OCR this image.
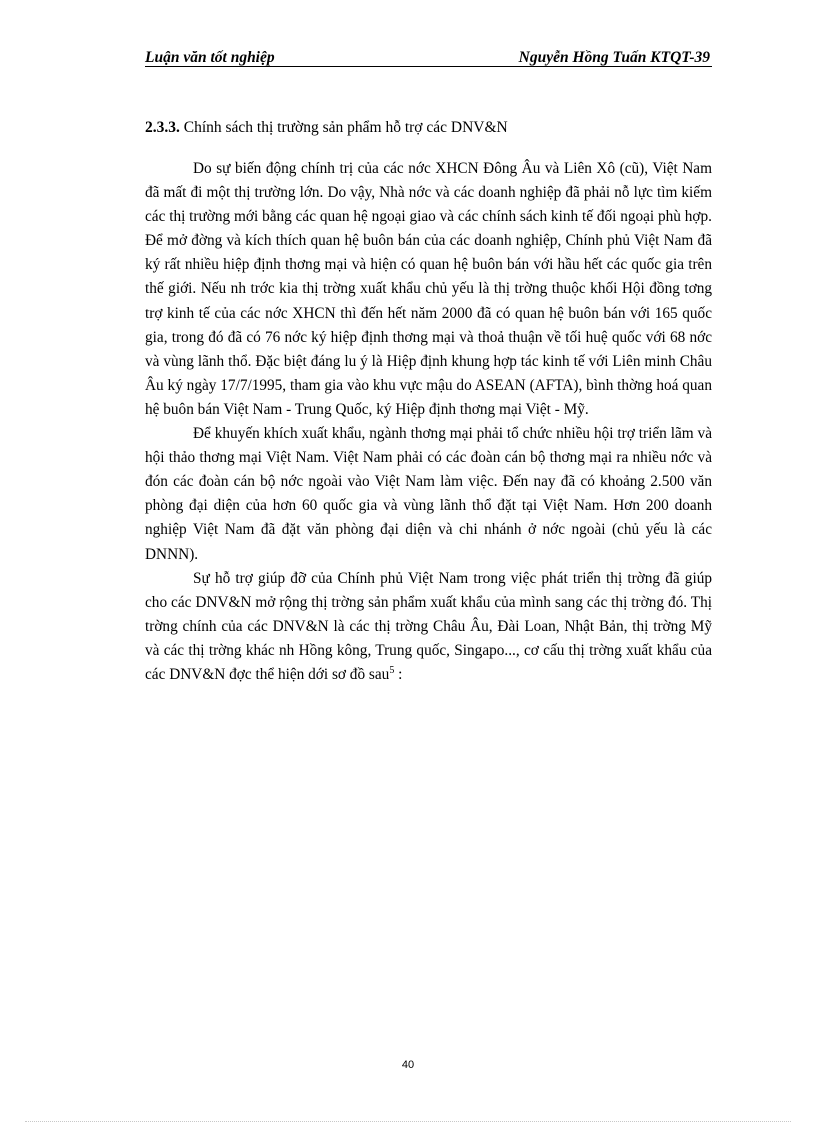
Luận văn tốt nghiệp	Nguyễn Hồng Tuấn KTQT-39
2.3.3. Chính sách thị trường sản phẩm hỗ trợ các DNV&N

Do sự biến động chính trị của các nớc XHCN Đông Âu và Liên Xô (cũ), Việt Nam đã mất đi một thị trường lớn. Do vậy, Nhà nớc và các doanh nghiệp đã phải nỗ lực tìm kiếm các thị trường mới bằng các quan hệ ngoại giao và các chính sách kinh tế đối ngoại phù hợp. Để mở đờng và kích thích quan hệ buôn bán của các doanh nghiệp, Chính phủ Việt Nam đã ký rất nhiều hiệp định thơng mại và hiện có quan hệ buôn bán với hầu hết các quốc gia trên thế giới. Nếu nh trớc kia thị trờng xuất khẩu chủ yếu là thị trờng thuộc khối Hội đồng tơng trợ kinh tế của các nớc XHCN thì đến hết năm 2000 đã có quan hệ buôn bán với 165 quốc gia, trong đó đã có 76 nớc ký hiệp định thơng mại và thoả thuận về tối huệ quốc với 68 nớc và vùng lãnh thổ. Đặc biệt đáng lu ý là Hiệp định khung hợp tác kinh tế với Liên minh Châu Âu ký ngày 17/7/1995, tham gia vào khu vực mậu do ASEAN (AFTA), bình thờng hoá quan hệ buôn bán Việt Nam - Trung Quốc, ký Hiệp định thơng mại Việt - Mỹ.

Để khuyến khích xuất khẩu, ngành thơng mại phải tổ chức nhiều hội trợ triển lãm và hội thảo thơng mại Việt Nam. Việt Nam phải có các đoàn cán bộ thơng mại ra nhiều nớc và đón các đoàn cán bộ nớc ngoài vào Việt Nam làm việc. Đến nay đã có khoảng 2.500 văn phòng đại diện của hơn 60 quốc gia và vùng lãnh thổ đặt tại Việt Nam. Hơn 200 doanh nghiệp Việt Nam đã đặt văn phòng đại diện và chi nhánh ở nớc ngoài (chủ yếu là các DNNN).

Sự hỗ trợ giúp đỡ của Chính phủ Việt Nam trong việc phát triển thị trờng đã giúp cho các DNV&N mở rộng thị trờng sản phẩm xuất khẩu của mình sang các thị trờng đó. Thị trờng chính của các DNV&N là các thị trờng Châu Âu, Đài Loan, Nhật Bản, thị trờng Mỹ và các thị trờng khác nh Hồng kông, Trung quốc, Singapo..., cơ cấu thị trờng xuất khẩu của các DNV&N đợc thể hiện dới sơ đồ sau$^5$ :

40
